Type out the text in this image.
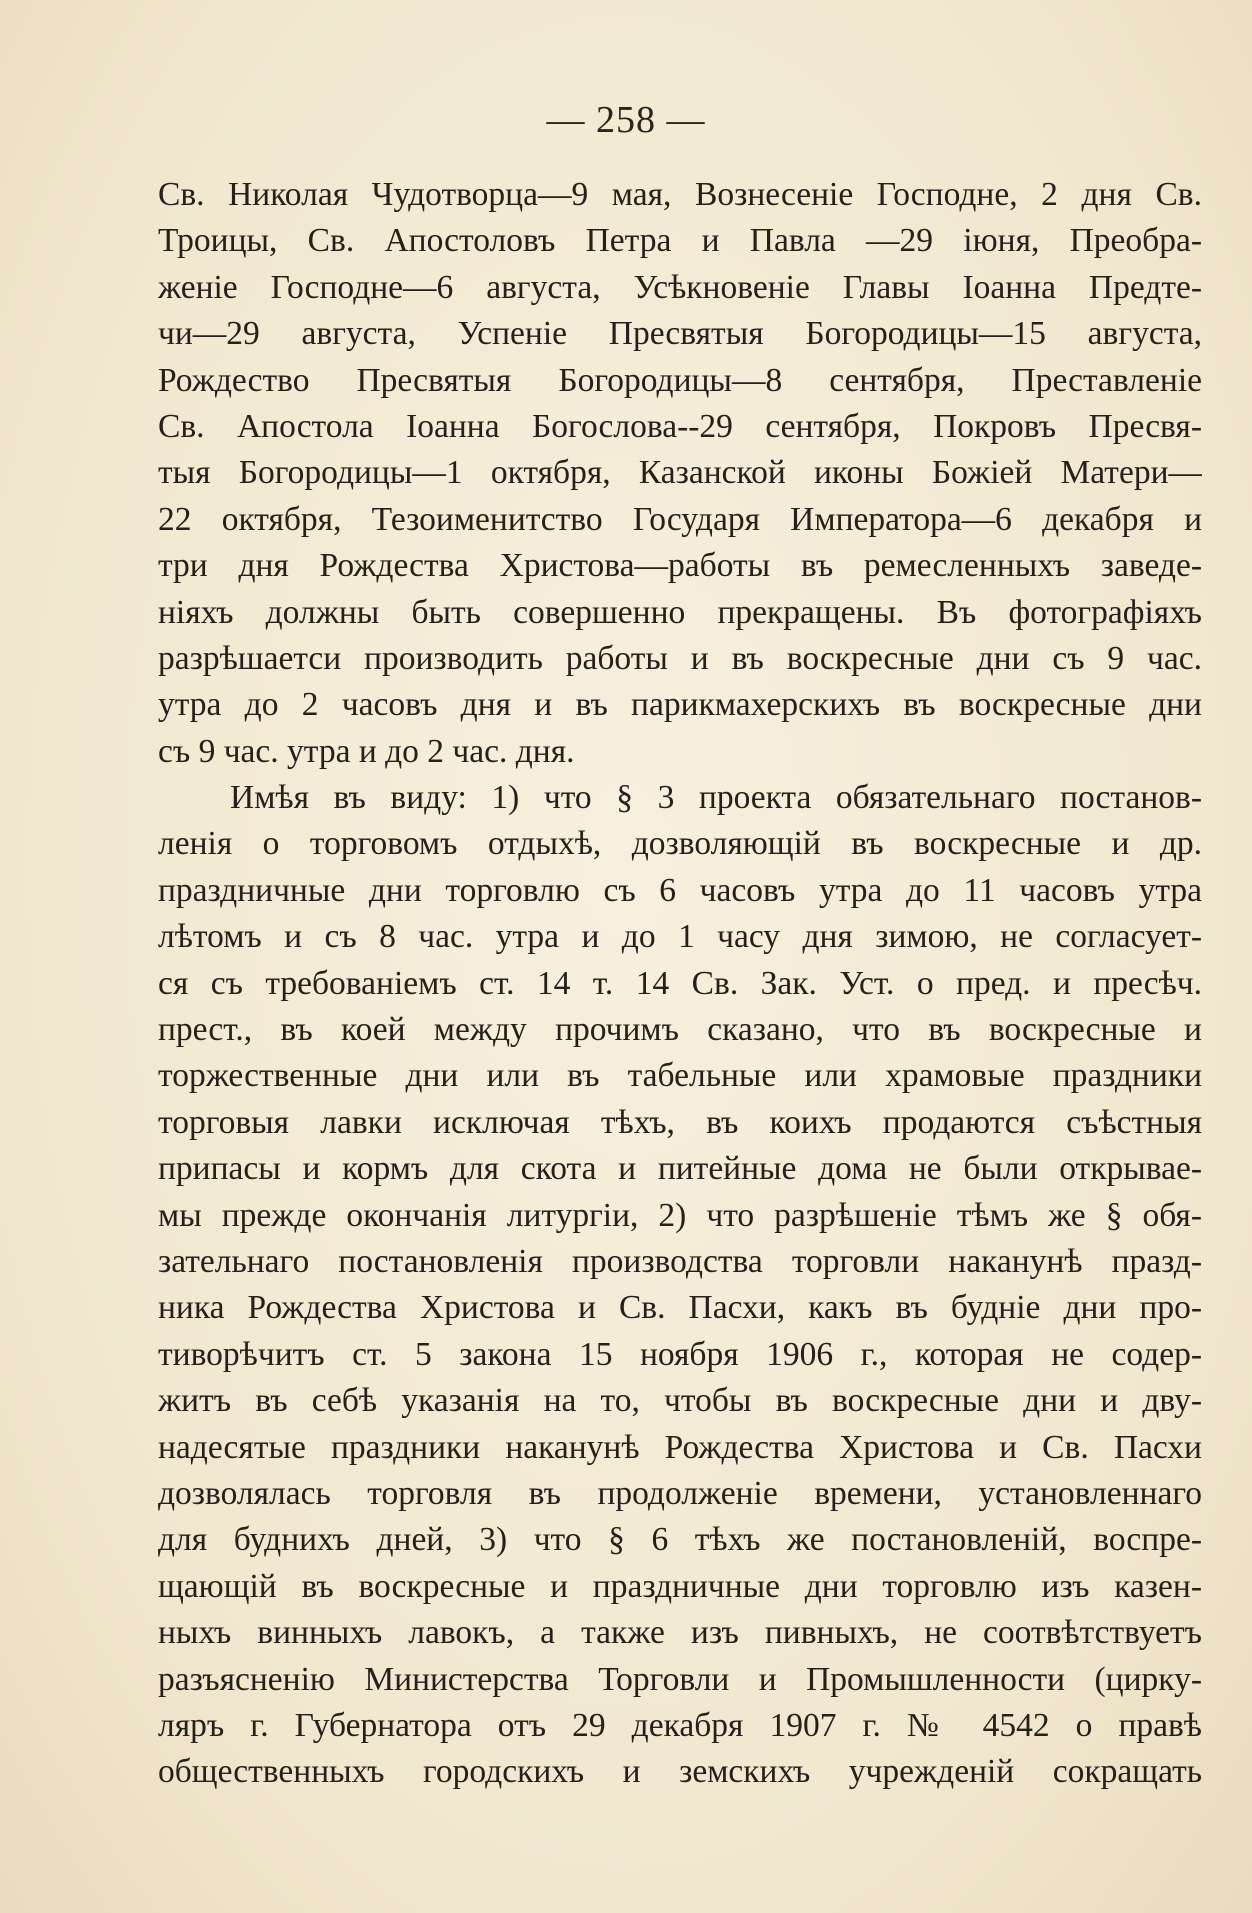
— 258 —
Св. Николая Чудотворца—9 мая, Вознесеніе Господне, 2 дня Св.
Троицы, Св. Апостоловъ Петра и Павла —29 іюня, Преобра-
женіе Господне—6 августа, Усѣкновеніе Главы Іоанна Предте-
чи—29 августа, Успеніе Пресвятыя Богородицы—15 августа,
Рождество Пресвятыя Богородицы—8 сентября, Преставленіе
Св. Апостола Іоанна Богослова--29 сентября, Покровъ Пресвя-
тыя Богородицы—1 октября, Казанской иконы Божіей Матери—
22 октября, Тезоименитство Государя Императора—6 декабря и
три дня Рождества Христова—работы въ ремесленныхъ заведе-
ніяхъ должны быть совершенно прекращены. Въ фотографіяхъ
разрѣшаетси производить работы и въ воскресные дни съ 9 час.
утра до 2 часовъ дня и въ парикмахерскихъ въ воскресные дни
съ 9 час. утра и до 2 час. дня.
Имѣя въ виду: 1) что § 3 проекта обязательнаго постанов-
ленія о торговомъ отдыхѣ, дозволяющій въ воскресные и др.
праздничные дни торговлю съ 6 часовъ утра до 11 часовъ утра
лѣтомъ и съ 8 час. утра и до 1 часу дня зимою, не согласует-
ся съ требованіемъ ст. 14 т. 14 Св. Зак. Уст. о пред. и пресѣч.
прест., въ коей между прочимъ сказано, что въ воскресные и
торжественные дни или въ табельные или храмовые праздники
торговыя лавки исключая тѣхъ, въ коихъ продаются съѣстныя
припасы и кормъ для скота и питейные дома не были открывае-
мы прежде окончанія литургіи, 2) что разрѣшеніе тѣмъ же § обя-
зательнаго постановленія производства торговли наканунѣ празд-
ника Рождества Христова и Св. Пасхи, какъ въ будніе дни про-
тиворѣчитъ ст. 5 закона 15 ноября 1906 г., которая не содер-
житъ въ себѣ указанія на то, чтобы въ воскресные дни и дву-
надесятые праздники наканунѣ Рождества Христова и Св. Пасхи
дозволялась торговля въ продолженіе времени, установленнаго
для буднихъ дней, 3) что § 6 тѣхъ же постановленій, воспре-
щающій въ воскресные и праздничные дни торговлю изъ казен-
ныхъ винныхъ лавокъ, а также изъ пивныхъ, не соотвѣтствуетъ
разъясненію Министерства Торговли и Промышленности (цирку-
ляръ г. Губернатора отъ 29 декабря 1907 г. № 4542 о правѣ
общественныхъ городскихъ и земскихъ учрежденій сокращать
